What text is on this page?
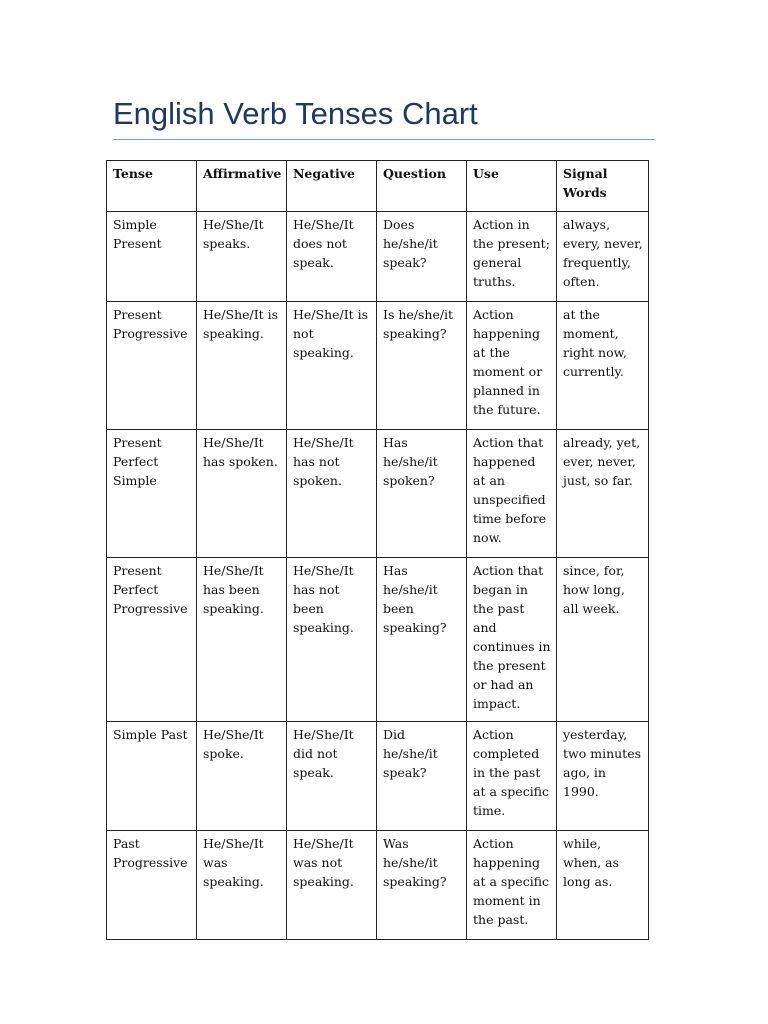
English Verb Tenses Chart
Tense	Affirmative	Negative	Question	Use	Signal Words
Simple Present	He/She/It speaks.	He/She/It does not speak.	Does he/she/it speak?	Action in the present; general truths.	always, every, never, frequently, often.
Present Progressive	He/She/It is speaking.	He/She/It is not speaking.	Is he/she/it speaking?	Action happening at the moment or planned in the future.	at the moment, right now, currently.
Present Perfect Simple	He/She/It has spoken.	He/She/It has not spoken.	Has he/she/it spoken?	Action that happened at an unspecified time before now.	already, yet, ever, never, just, so far.
Present Perfect Progressive	He/She/It has been speaking.	He/She/It has not been speaking.	Has he/she/it been speaking?	Action that began in the past and continues in the present or had an impact.	since, for, how long, all week.
Simple Past	He/She/It spoke.	He/She/It did not speak.	Did he/she/it speak?	Action completed in the past at a specific time.	yesterday, two minutes ago, in 1990.
Past Progressive	He/She/It was speaking.	He/She/It was not speaking.	Was he/she/it speaking?	Action happening at a specific moment in the past.	while, when, as long as.
